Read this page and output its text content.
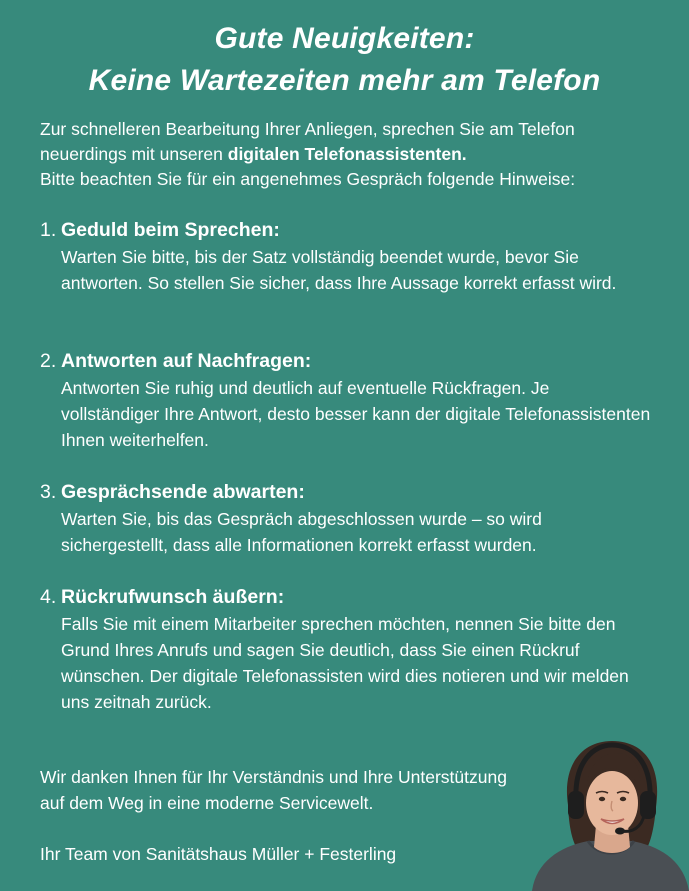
Gute Neuigkeiten:
Keine Wartezeiten mehr am Telefon
Zur schnelleren Bearbeitung Ihrer Anliegen, sprechen Sie am Telefon
neuerdings mit unseren digitalen Telefonassistenten.
Bitte beachten Sie für ein angenehmes Gespräch folgende Hinweise:
1. Geduld beim Sprechen:
Warten Sie bitte, bis der Satz vollständig beendet wurde, bevor Sie antworten. So stellen Sie sicher, dass Ihre Aussage korrekt erfasst wird.
2. Antworten auf Nachfragen:
Antworten Sie ruhig und deutlich auf eventuelle Rückfragen. Je vollständiger Ihre Antwort, desto besser kann der digitale Telefonassistenten Ihnen weiterhelfen.
3. Gesprächsende abwarten:
Warten Sie, bis das Gespräch abgeschlossen wurde – so wird sichergestellt, dass alle Informationen korrekt erfasst wurden.
4. Rückrufwunsch äußern:
Falls Sie mit einem Mitarbeiter sprechen möchten, nennen Sie bitte den Grund Ihres Anrufs und sagen Sie deutlich, dass Sie einen Rückruf wünschen. Der digitale Telefonassisten wird dies notieren und wir melden uns zeitnah zurück.
Wir danken Ihnen für Ihr Verständnis und Ihre Unterstützung
auf dem Weg in eine moderne Servicewelt.
Ihr Team von Sanitätshaus Müller + Festerling
